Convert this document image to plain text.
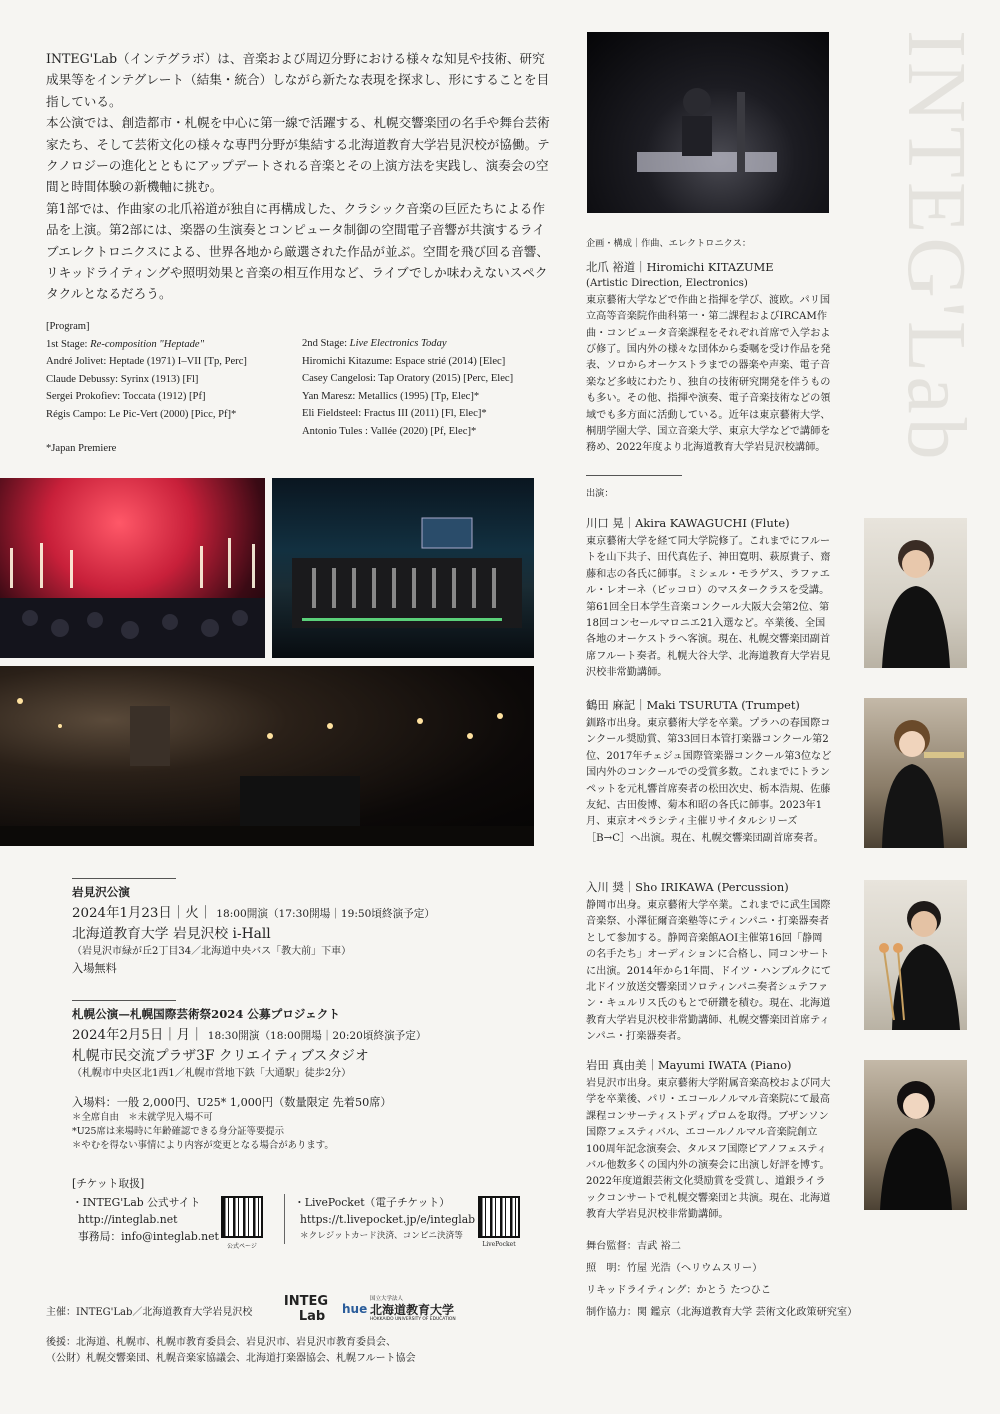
INTEG'Lab（インテグラボ）は、音楽および周辺分野における様々な知見や技術、研究成果等をインテグレート（結集・統合）しながら新たな表現を探求し、形にすることを目指している。

本公演では、創造都市・札幌を中心に第一線で活躍する、札幌交響楽団の名手や舞台芸術家たち、そして芸術文化の様々な専門分野が集結する北海道教育大学岩見沢校が協働。テクノロジーの進化とともにアップデートされる音楽とその上演方法を実践し、演奏会の空間と時間体験の新機軸に挑む。

第1部では、作曲家の北爪裕道が独自に再構成した、クラシック音楽の巨匠たちによる作品を上演。第2部には、楽器の生演奏とコンピュータ制御の空間電子音響が共演するライブエレクトロニクスによる、世界各地から厳選された作品が並ぶ。空間を飛び回る音響、リキッドライティングや照明効果と音楽の相互作用など、ライブでしか味わえないスペクタクルとなるだろう。

[Program]
1st Stage: Re-composition "Heptade"
André Jolivet: Heptade (1971) I–VII [Tp, Perc]
Claude Debussy: Syrinx (1913) [Fl]
Sergei Prokofiev: Toccata (1912) [Pf]
Régis Campo: Le Pic-Vert (2000) [Picc, Pf]*
*Japan Premiere
2nd Stage: Live Electronics Today
Hiromichi Kitazume: Espace strié (2014) [Elec]
Casey Cangelosi: Tap Oratory (2015) [Perc, Elec]
Yan Maresz: Metallics (1995) [Tp, Elec]*
Eli Fieldsteel: Fractus III (2011) [Fl, Elec]*
Antonio Tules : Vallée (2020) [Pf, Elec]*	INTEG'Lab
企画・構成｜作曲、エレクトロニクス：
北爪 裕道｜Hiromichi KITAZUME
(Artistic Direction, Electronics)

東京藝術大学などで作曲と指揮を学び、渡欧。パリ国立高等音楽院作曲科第一・第二課程およびIRCAM作曲・コンピュータ音楽課程をそれぞれ首席で入学および修了。国内外の様々な団体から委嘱を受け作品を発表、ソロからオーケストラまでの器楽や声楽、電子音楽など多岐にわたり、独自の技術研究開発を伴うものも多い。その他、指揮や演奏、電子音楽技術などの領域でも多方面に活動している。近年は東京藝術大学、桐朋学園大学、国立音楽大学、東京大学などで講師を務め、2022年度より北海道教育大学岩見沢校講師。

出演：
川口 晃｜Akira KAWAGUCHI (Flute)

東京藝術大学を経て同大学院修了。これまでにフルートを山下共子、田代真佐子、神田寛明、萩原貴子、齋藤和志の各氏に師事。ミシェル・モラゲス、ラファエル・レオーネ（ピッコロ）のマスタークラスを受講。第61回全日本学生音楽コンクール大阪大会第2位、第18回コンセールマロニエ21入選など。卒業後、全国各地のオーケストラへ客演。現在、札幌交響楽団副首席フルート奏者。札幌大谷大学、北海道教育大学岩見沢校非常勤講師。

鶴田 麻記｜Maki TSURUTA (Trumpet)

釧路市出身。東京藝術大学を卒業。プラハの春国際コンクール奨励賞、第33回日本管打楽器コンクール第2位、2017年チェジュ国際管楽器コンクール第3位など国内外のコンクールでの受賞多数。これまでにトランペットを元札響首席奏者の松田次史、栃本浩規、佐藤友紀、古田俊博、菊本和昭の各氏に師事。2023年1月、東京オペラシティ主催リサイタルシリーズ［B→C］へ出演。現在、札幌交響楽団副首席奏者。

入川 奨｜Sho IRIKAWA (Percussion)

静岡市出身。東京藝術大学卒業。これまでに武生国際音楽祭、小澤征爾音楽塾等にティンパニ・打楽器奏者として参加する。静岡音楽館AOI主催第16回「静岡の名手たち」オーディションに合格し、同コンサートに出演。2014年から1年間、ドイツ・ハンブルクにて北ドイツ放送交響楽団ソロティンパニ奏者シュテファン・キュルリス氏のもとで研鑽を積む。現在、北海道教育大学岩見沢校非常勤講師、札幌交響楽団首席ティンパニ・打楽器奏者。

岩田 真由美｜Mayumi IWATA (Piano)

岩見沢市出身。東京藝術大学附属音楽高校および同大学を卒業後、パリ・エコールノルマル音楽院にて最高課程コンサーティストディプロムを取得。ブザンソン国際フェスティバル、エコールノルマル音楽院創立100周年記念演奏会、タルヌフ国際ピアノフェスティバル他数多くの国内外の演奏会に出演し好評を博す。2022年度道銀芸術文化奨励賞を受賞し、道銀ライラックコンサートで札幌交響楽団と共演。現在、北海道教育大学岩見沢校非常勤講師。

舞台監督：吉武 裕二
照　明：竹屋 光浩（ヘリウムスリー）
リキッドライティング：かとう たつひこ
制作協力：関 鑑京（北海道教育大学 芸術文化政策研究室）
岩見沢公演
2024年1月23日｜火｜ 18:00開演（17:30開場｜19:50頃終演予定）
北海道教育大学 岩見沢校 i-Hall
（岩見沢市緑が丘2丁目34／北海道中央バス「教大前」下車）
入場無料
札幌公演—札幌国際芸術祭2024 公募プロジェクト
2024年2月5日｜月｜ 18:30開演（18:00開場｜20:20頃終演予定）
札幌市民交流プラザ3F クリエイティブスタジオ
（札幌市中央区北1西1／札幌市営地下鉄「大通駅」徒歩2分）
入場料：一般 2,000円、U25* 1,000円（数量限定 先着50席）
＊全席自由　＊未就学児入場不可
*U25席は来場時に年齢確認できる身分証等要提示
＊やむを得ない事情により内容が変更となる場合があります。
[チケット取扱]
・INTEG'Lab 公式サイト
http://integlab.net
事務局：info@integlab.net
公式ページ
・LivePocket（電子チケット）
https://t.livepocket.jp/e/integlab
＊クレジットカード決済、コンビニ決済等
LivePocket
主催：INTEG'Lab／北海道教育大学岩見沢校
INTEG
Lab	hue
国立大学法人
北海道教育大学
HOKKAIDO UNIVERSITY OF EDUCATION
後援：北海道、札幌市、札幌市教育委員会、岩見沢市、岩見沢市教育委員会、
（公財）札幌交響楽団、札幌音楽家協議会、北海道打楽器協会、札幌フルート協会
